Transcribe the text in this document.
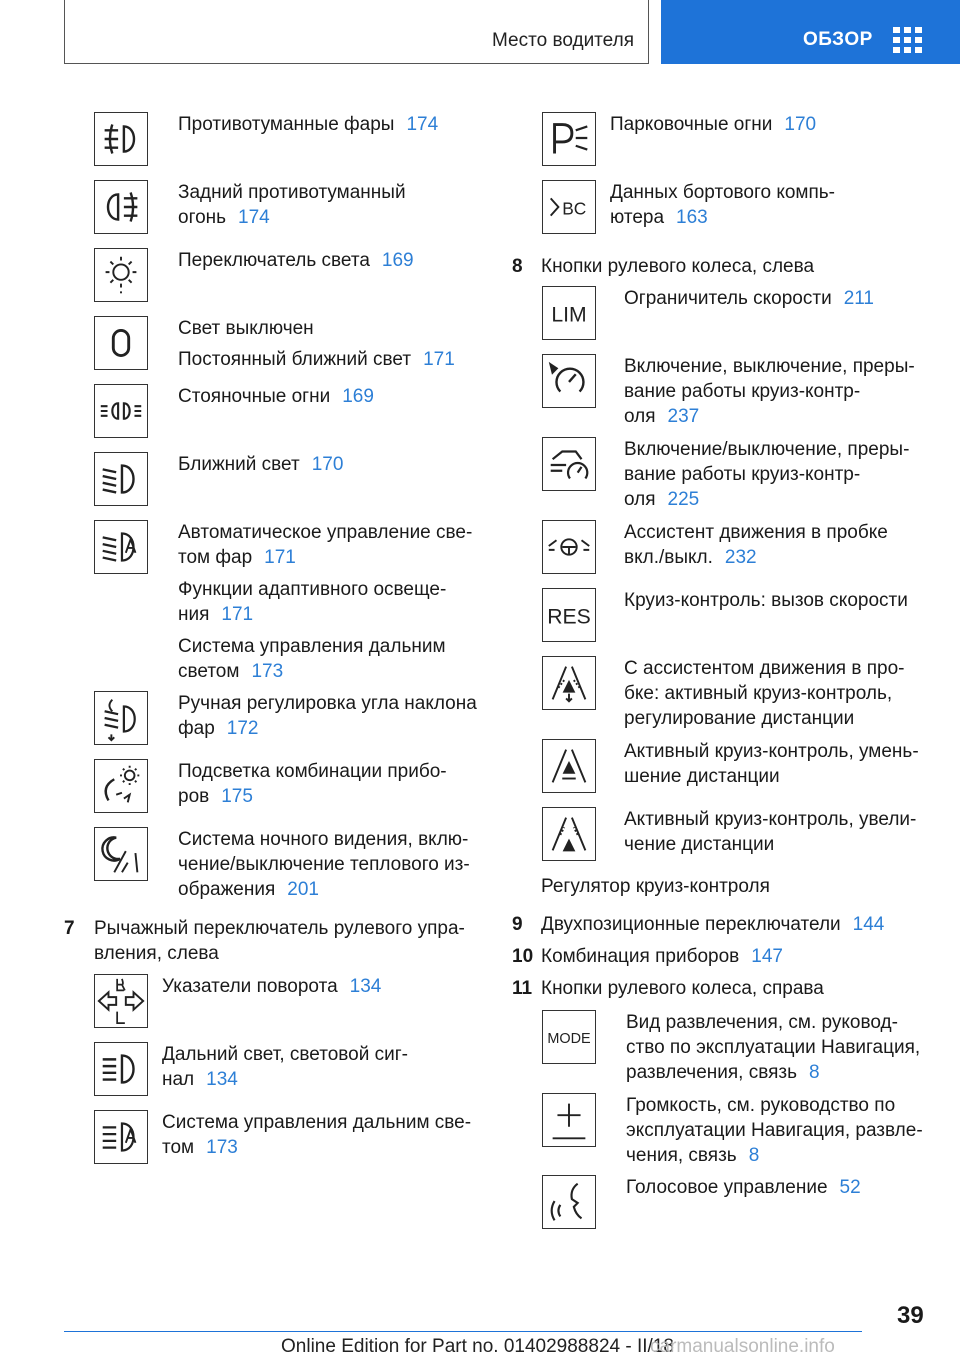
Место водителя	ОБЗОР
Противотуманные фары 174
Задний противотуманный
огонь 174
Переключатель света 169
Свет выключен
Постоянный ближний свет 171
Стояночные огни 169
Ближний свет 170
Автоматическое управление све-
том фар 171
Функции адаптивного освеще-
ния 171
Система управления дальним
светом 173
Ручная регулировка угла наклона
фар 172
Подсветка комбинации прибо-
ров 175
Система ночного видения, вклю-
чение/выключение теплового из-
ображения 201
7 Рычажный переключатель рулевого упра-
вления, слева
Указатели поворота 134
Дальний свет, световой сиг-
нал 134
Система управления дальним све-
том 173
Парковочные огни 170
BC
Данных бортового компь-
ютера 163
8 Кнопки рулевого колеса, слева
LIM
Ограничитель скорости 211
Включение, выключение, преры-
вание работы круиз-контр-
оля 237
Включение/выключение, преры-
вание работы круиз-контр-
оля 225
Ассистент движения в пробке
вкл./выкл. 232
RES
Круиз-контроль: вызов скорости
С ассистентом движения в про-
бке: активный круиз-контроль,
регулирование дистанции
Активный круиз-контроль, умень-
шение дистанции
Активный круиз-контроль, увели-
чение дистанции
Регулятор круиз-контроля
9 Двухпозиционные переключатели 144
10 Комбинация приборов 147
11 Кнопки рулевого колеса, справа
MODE
Вид развлечения, см. руковод-
ство по эксплуатации Навигация,
развлечения, связь 8
Громкость, см. руководство по
эксплуатации Навигация, развле-
чения, связь 8
Голосовое управление 52
39
Online Edition for Part no. 01402988824 - II/18
carmanualsonline.info
